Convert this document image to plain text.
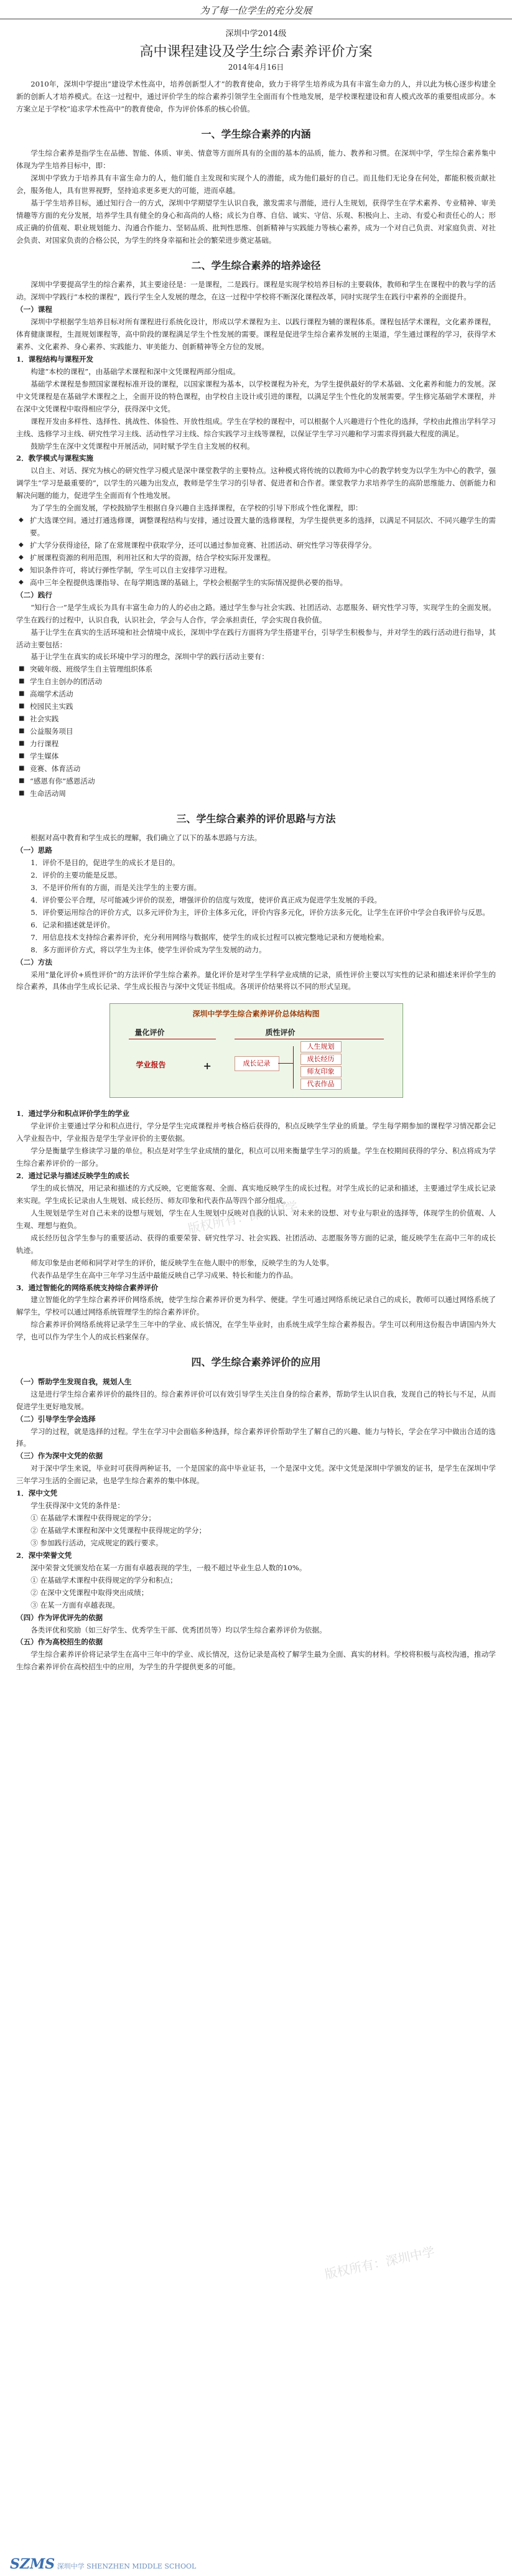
为了每一位学生的充分发展
深圳中学2014级
高中课程建设及学生综合素养评价方案
2014年4月16日

2010年，深圳中学提出“建设学术性高中，培养创新型人才”的教育使命，致力于将学生培养成为具有丰富生命力的人，并以此为核心逐步构建全新的创新人才培养模式。在这一过程中，通过评价学生的综合素养引领学生全面而有个性地发展，是学校课程建设和育人模式改革的重要组成部分。本方案立足于学校“追求学术性高中”的教育使命，作为评价体系的核心价值。

一、学生综合素养的内涵

学生综合素养是指学生在品德、智能、体质、审美、情意等方面所具有的全面的基本的品质，能力、教养和习惯。在深圳中学，学生综合素养集中体现为学生培养目标中，即：

深圳中学致力于培养具有丰富生命力的人，他们能自主发现和实现个人的潜能，成为他们最好的自己。而且他们无论身在何处，都能积极贡献社会，服务他人，具有世界视野，坚持追求更多更大的可能，进而卓越。

基于学生培养目标，通过知行合一的方式，深圳中学期望学生认识自我，激发需求与潜能，进行人生规划，获得学生在学术素养、专业精神、审美情趣等方面的充分发展，培养学生具有健全的身心和高尚的人格；成长为自尊、自信、诚实、守信、乐观、积极向上、主动、有爱心和责任心的人；形成正确的价值观、职业规划能力、沟通合作能力、坚韧品质、批判性思维、创新精神与实践能力等核心素养，成为一个对自己负责、对家庭负责、对社会负责、对国家负责的合格公民，为学生的终身幸福和社会的繁荣进步奠定基础。

二、学生综合素养的培养途径

深圳中学要提高学生的综合素养，其主要途径是：一是课程，二是践行。课程是实现学校培养目标的主要载体，教师和学生在课程中的教与学的活动。深圳中学践行“本校的课程”，践行学生全人发展的理念，在这一过程中学校将不断深化课程改革，同时实现学生在践行中素养的全面提升。

（一）课程

深圳中学根据学生培养目标对所有课程进行系统化设计，形成以学术课程为主、以践行课程为辅的课程体系。课程包括学术课程，文化素养课程，体育健康课程，生涯规划课程等，高中阶段的课程满足学生个性发展的需要。课程是促进学生综合素养发展的主渠道，学生通过课程的学习，获得学术素养、文化素养、身心素养、实践能力、审美能力、创新精神等全方位的发展。

1．课程结构与课程开发

构建“本校的课程”，由基础学术课程和深中文凭课程两部分组成。

基础学术课程是参照国家课程标准开设的课程，以国家课程为基本，以学校课程为补充，为学生提供最好的学术基础、文化素养和能力的发展。深中文凭课程是在基础学术课程之上，全面开设的特色课程，由学校自主设计或引进的课程，以满足学生个性化的发展需要。学生修完基础学术课程，并在深中文凭课程中取得相应学分，获得深中文凭。

课程开发由多样性、选择性、挑战性、体验性、开放性组成。学生在学校的课程中，可以根据个人兴趣进行个性化的选择，学校由此推出学科学习主线、选修学习主线、研究性学习主线、活动性学习主线、综合实践学习主线等课程，以保证学生学习兴趣和学习需求得到最大程度的满足。

鼓励学生在深中文凭课程中开展活动，同时赋予学生自主发展的权利。

2．教学模式与课程实施

以自主、对话、探究为核心的研究性学习模式是深中课堂教学的主要特点。这种模式将传统的以教师为中心的教学转变为以学生为中心的教学，强调学生“学习是最重要的”，以学生的兴趣为出发点，教师是学生学习的引导者、促进者和合作者。课堂教学力求培养学生的高阶思维能力、创新能力和解决问题的能力，促进学生全面而有个性地发展。

为了学生的全面发展，学校鼓励学生根据自身兴趣自主选择课程，在学校的引导下形成个性化课程，即：

◆ 扩大选课空间。通过打通选修课，调整课程结构与安排，通过设置大量的选修课程，为学生提供更多的选择，以满足不同层次、不同兴趣学生的需要。

◆ 扩大学分获得途径，除了在常规课程中获取学分，还可以通过参加竞赛、社团活动、研究性学习等获得学分。

◆ 扩展课程资源的利用范围，利用社区和大学的资源，结合学校实际开发课程。

◆ 知识条件许可，将试行弹性学制，学生可以自主安排学习进程。

◆ 高中三年全程提供选课指导、在每学期选课的基础上，学校会根据学生的实际情况提供必要的指导。

（二）践行

“知行合一”是学生成长为具有丰富生命力的人的必由之路。通过学生参与社会实践、社团活动、志愿服务、研究性学习等，实现学生的全面发展。学生在践行的过程中，认识自我，认识社会，学会与人合作，学会承担责任，学会实现自我价值。

基于让学生在真实的生活环境和社会情境中成长，深圳中学在践行方面将为学生搭建平台，引导学生积极参与，并对学生的践行活动进行指导，其活动主要包括：

基于让学生在真实的成长环境中学习的理念，深圳中学的践行活动主要有：

■ 突破年级、班级学生自主管理组织体系

■ 学生自主创办的团活动

■ 高端学术活动

■ 校园民主实践

■ 社会实践

■ 公益服务项目

■ 力行课程

■ 学生媒体

■ 竞赛、体育活动

■ “感恩有你”感恩活动

■ 生命活动周

三、学生综合素养的评价思路与方法

根据对高中教育和学生成长的理解，我们确立了以下的基本思路与方法。

（一）思路

1．评价不是目的，促进学生的成长才是目的。

2．评价的主要功能是反思。

3．不是评价所有的方面，而是关注学生的主要方面。

4．评价要公平合理，尽可能减少评价的误差，增强评价的信度与效度，使评价真正成为促进学生发展的手段。

5．评价要运用综合的评价方式，以多元评价为主，评价主体多元化，评价内容多元化，评价方法多元化，让学生在评价中学会自我评价与反思。

6．记录和描述就是评价。

7．用信息技术支持综合素养评价，充分利用网络与数据库，使学生的成长过程可以被完整地记录和方便地检索。

8．多方面评价方式，将以学生为主体，使学生评价成为学生发展的动力。

（二）方法

采用“量化评价+质性评价”的方法评价学生综合素养。量化评价是对学生学科学业成绩的记录，质性评价主要以写实性的记录和描述来评价学生的综合素养，具体由学生成长记录、学生成长报告与深中文凭证书组成。各项评价结果将以不同的形式呈现。

深圳中学学生综合素养评价总体结构图
量化评价	质性评价
学业报告	+	成长记录
人生规划
成长经历
师友印象
代表作品

1．通过学分和积点评价学生的学业

学业评价主要通过学分和积点进行，学分是学生完成课程并考核合格后获得的，积点反映学生学业的质量。学生每学期参加的课程学习情况都会记入学业报告中，学业报告是学生学业评价的主要依据。

学分是衡量学生修读学习量的单位。积点是对学生学业成绩的量化，积点可以用来衡量学生学习的质量。学生在校期间获得的学分、积点将成为学生综合素养评价的一部分。

2．通过记录与描述反映学生的成长

学生的成长情况，用记录和描述的方式反映，它更能客观、全面、真实地反映学生的成长过程。对学生成长的记录和描述，主要通过学生成长记录来实现。学生成长记录由人生规划、成长经历、师友印象和代表作品等四个部分组成。

人生规划是学生对自己未来的设想与规划，学生在人生规划中反映对自我的认识、对未来的设想、对专业与职业的选择等，体现学生的价值观、人生观、理想与抱负。

成长经历包含学生参与的重要活动、获得的重要荣誉、研究性学习、社会实践、社团活动、志愿服务等方面的记录，能反映学生在高中三年的成长轨迹。

师友印象是由老师和同学对学生的评价，能反映学生在他人眼中的形象，反映学生的为人处事。

代表作品是学生在高中三年学习生活中最能反映自己学习成果、特长和能力的作品。

3．通过智能化的网络系统支持综合素养评价

建立智能化的学生综合素养评价网络系统，使学生综合素养评价更为科学、便捷。学生可通过网络系统记录自己的成长，教师可以通过网络系统了解学生，学校可以通过网络系统管理学生的综合素养评价。

综合素养评价网络系统将记录学生三年中的学业、成长情况，在学生毕业时，由系统生成学生综合素养报告。学生可以利用这份报告申请国内外大学，也可以作为学生个人的成长档案保存。

四、学生综合素养评价的应用

（一）帮助学生发现自我，规划人生

这是进行学生综合素养评价的最终目的。综合素养评价可以有效引导学生关注自身的综合素养，帮助学生认识自我，发现自己的特长与不足，从而促进学生更好地发展。

（二）引导学生学会选择

学习的过程，就是选择的过程。学生在学习中会面临多种选择，综合素养评价帮助学生了解自己的兴趣、能力与特长，学会在学习中做出合适的选择。

（三）作为深中文凭的依据

对于深中学生来说，毕业时可获得两种证书，一个是国家的高中毕业证书，一个是深中文凭。深中文凭是深圳中学颁发的证书，是学生在深圳中学三年学习生活的全面记录，也是学生综合素养的集中体现。

1．深中文凭

学生获得深中文凭的条件是：

① 在基础学术课程中获得规定的学分；

② 在基础学术课程和深中文凭课程中获得规定的学分；

③ 参加践行活动，完成规定的践行要求。

2．深中荣誉文凭

深中荣誉文凭颁发给在某一方面有卓越表现的学生，一般不超过毕业生总人数的10%。

① 在基础学术课程中获得规定的学分和积点；

② 在深中文凭课程中取得突出成绩；

③ 在某一方面有卓越表现。

（四）作为评优评先的依据

各类评优和奖励（如三好学生、优秀学生干部、优秀团员等）均以学生综合素养评价为依据。

（五）作为高校招生的依据

学生综合素养评价将记录学生在高中三年中的学业、成长情况，这份记录是高校了解学生最为全面、真实的材料。学校将积极与高校沟通，推动学生综合素养评价在高校招生中的应用，为学生的升学提供更多的可能。

版权所有：深圳中学
版权所有：深圳中学
SZMS 深圳中学 SHENZHEN MIDDLE SCHOOL
